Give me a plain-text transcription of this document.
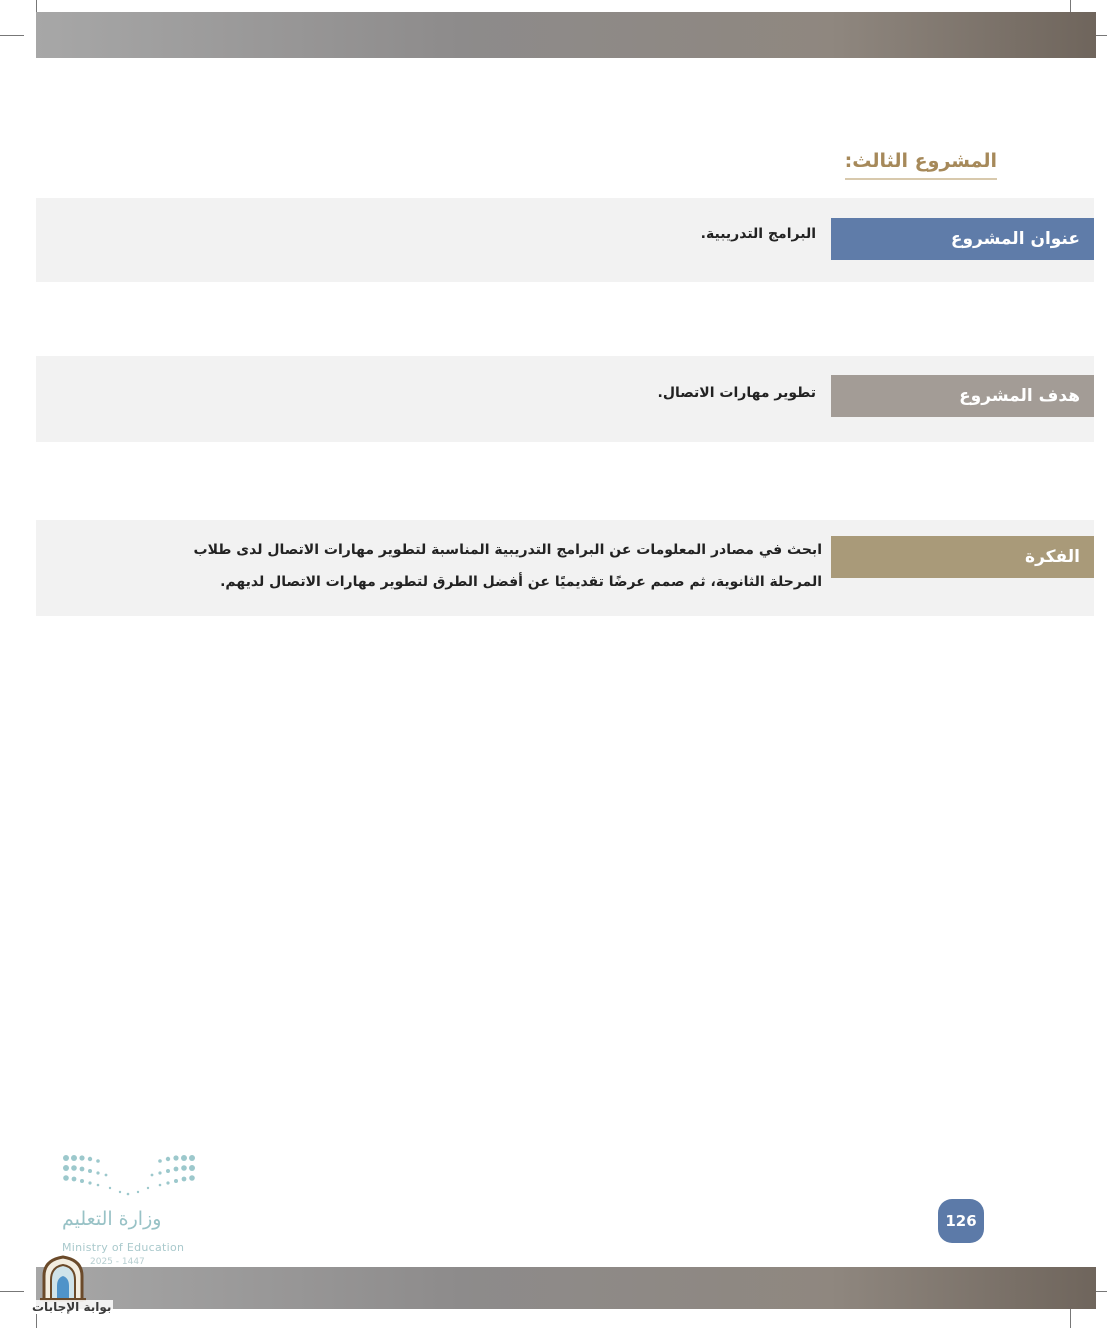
المشروع الثالث:
عنوان المشروع
البرامج التدريبية.
هدف المشروع
تطوير مهارات الاتصال.
الفكرة
ابحث في مصادر المعلومات عن البرامج التدريبية المناسبة لتطوير مهارات الاتصال لدى طلاب
المرحلة الثانوية، ثم صمم عرضًا تقديميًا عن أفضل الطرق لتطوير مهارات الاتصال لديهم.
وزارة التعليم
Ministry of Education
2025 - 1447
126
بوابة الإجابات
